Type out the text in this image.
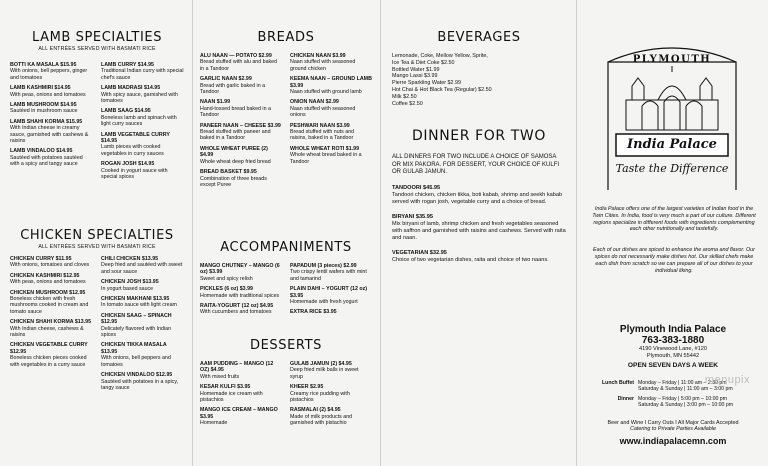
LAMB SPECIALTIES
ALL ENTRÉES SERVED WITH BASMATI RICE
BOTTI KA MASALA $15.95
With onions, bell peppers, ginger and tomatoes
LAMB KASHMIRI $14.95
With peas, onions and tomatoes
LAMB MUSHROOM $14.95
Sautéed in mushroom sauce
LAMB SHAHI KORMA $15.95
With Indian cheese in creamy sauce, garnished with cashews & raisins
LAMB VINDALOO $14.95
Sautéed with potatoes sautéed with a spicy and tangy sauce
LAMB CURRY $14.95
Traditional Indian curry with special chef's sauce
LAMB MADRASI $14.95
With spicy sauce, garnished with tomatoes
LAMB SAAG $14.95
Boneless lamb and spinach with light curry sauces
LAMB VEGETABLE CURRY $14.95
Lamb pieces with cooked vegetables in curry sauces
ROGAN JOSH $14.95
Cooked in yogurt sauce with special spices
CHICKEN SPECIALTIES
ALL ENTRÉES SERVED WITH BASMATI RICE
CHICKEN CURRY $11.95
With onions, tomatoes and cloves
CHICKEN KASHMIRI $12.95
With peas, onions and tomatoes
CHICKEN MUSHROOM $12.95
Boneless chicken with fresh mushrooms cooked in cream and tomato sauce
CHICKEN SHAHI KORMA $13.95
With Indian cheese, cashews & raisins
CHICKEN VEGETABLE CURRY $12.95
Boneless chicken pieces cooked with vegetables in a curry sauce
CHILI CHICKEN $13.95
Deep fried and sautéed with sweet and sour sauce
CHICKEN JOSH $13.95
In yogurt based sauce
CHICKEN MAKHANI $13.95
In tomato sauce with light cream
CHICKEN SAAG – SPINACH $12.95
Delicately flavored with Indian spices
CHICKEN TIKKA MASALA $13.95
With onions, bell peppers and tomatoes
CHICKEN VINDALOO $12.95
Sautéed with potatoes in a spicy, tangy sauce
BREADS
ALU NAAN — POTATO $2.99
Bread stuffed with alu and baked in a Tandoor
GARLIC NAAN $2.99
Bread with garlic baked in a Tandoor
NAAN $1.99
Hand-tossed bread baked in a Tandoor
PANEER NAAN – CHEESE $3.99
Bread stuffed with paneer and baked in a Tandoor
WHOLE WHEAT PUREE (2) $4.99
Whole wheat deep fried bread
BREAD BASKET $9.95
Combination of three breads except Puree
CHICKEN NAAN $3.99
Naan stuffed with seasoned ground chicken
KEEMA NAAN – GROUND LAMB $3.99
Naan stuffed with ground lamb
ONION NAAN $2.99
Naan stuffed with seasoned onions
PESHWARI NAAN $3.99
Bread stuffed with nuts and raisins, baked in a Tandoor
WHOLE WHEAT ROTI $1.99
Whole wheat bread baked in a Tandoor
ACCOMPANIMENTS
MANGO CHUTNEY – MANGO (6 oz) $3.99
Sweet and spicy relish
PICKLES (6 oz) $3.99
Homemade with traditional spices
RAITA-YOGURT (12 oz) $4.95
With cucumbers and tomatoes
PAPADUM (3 pieces) $2.99
Two crispy lentil wafers with mint and tamarind
PLAIN DAHI – YOGURT (12 oz) $3.95
Homemade with fresh yogurt
EXTRA RICE $3.95
DESSERTS
AAM PUDDING – MANGO (12 OZ) $4.95
With mixed fruits
KESAR KULFI $3.95
Homemade ice cream with pistachios
MANGO ICE CREAM – MANGO $3.95
Homemade
GULAB JAMUN (2) $4.95
Deep fried milk balls in sweet syrup
KHEER $2.95
Creamy rice pudding with pistachios
RASMALAI (2) $4.95
Made of milk products and garnished with pistachio
BEVERAGES
Lemonade, Coke, Mellow Yellow, Sprite,
Ice Tea & Diet Coke $2.50
Bottled Water $1.99
Mango Lassi $3.99
Pierre Sparkling Water $2.99
Hot Chai & Hot Black Tea (Regular) $2.50
Milk $2.50
Coffee $2.50
DINNER FOR TWO
ALL DINNERS FOR TWO INCLUDE A CHOICE OF SAMOSA OR MIX PAKORA. FOR DESSERT, YOUR CHOICE OF KULFI OR GULAB JAMUN.
TANDOORI $45.95
Tandoori chicken, chicken tikka, boti kabab, shrimp and seekh kabab served with rogan josh, vegetable curry and a choice of bread.
BIRYANI $35.95
Mix biryani of lamb, shrimp chicken and fresh vegetables seasoned with saffron and garnished with raisins and cashews. Served with raita and naan.
VEGETARIAN $32.95
Choice of two vegetarian dishes, raita and choice of two naans.
PLYMOUTH
India Palace
Taste the Difference
India Palace offers one of the largest varieties of Indian food in the Twin Cities. In India, food is very much a part of our culture. Different regions specialize in different foods with ingredients complementing each other nutritionally and tastefully.
Each of our dishes are spiced to enhance the aroma and flavor. Our spices do not necessarily make dishes hot. Our skilled chefs make each dish from scratch so we can prepare all of our dishes to your individual liking.
Plymouth India Palace
763-383-1880
4190 Vinewood Lane, #120
Plymouth, MN 55442
OPEN SEVEN DAYS A WEEK
Lunch Buffet Monday – Friday | 11:00 am – 2:30 pm
Saturday & Sunday | 11:00 am – 3:00 pm
Dinner Monday – Friday | 5:00 pm – 10:00 pm
Saturday & Sunday | 3:00 pm – 10:00 pm
menupix
Beer and Wine I Carry Outs I All Major Cards Accepted
Catering to Private Parties Available
www.indiapalacemn.com
